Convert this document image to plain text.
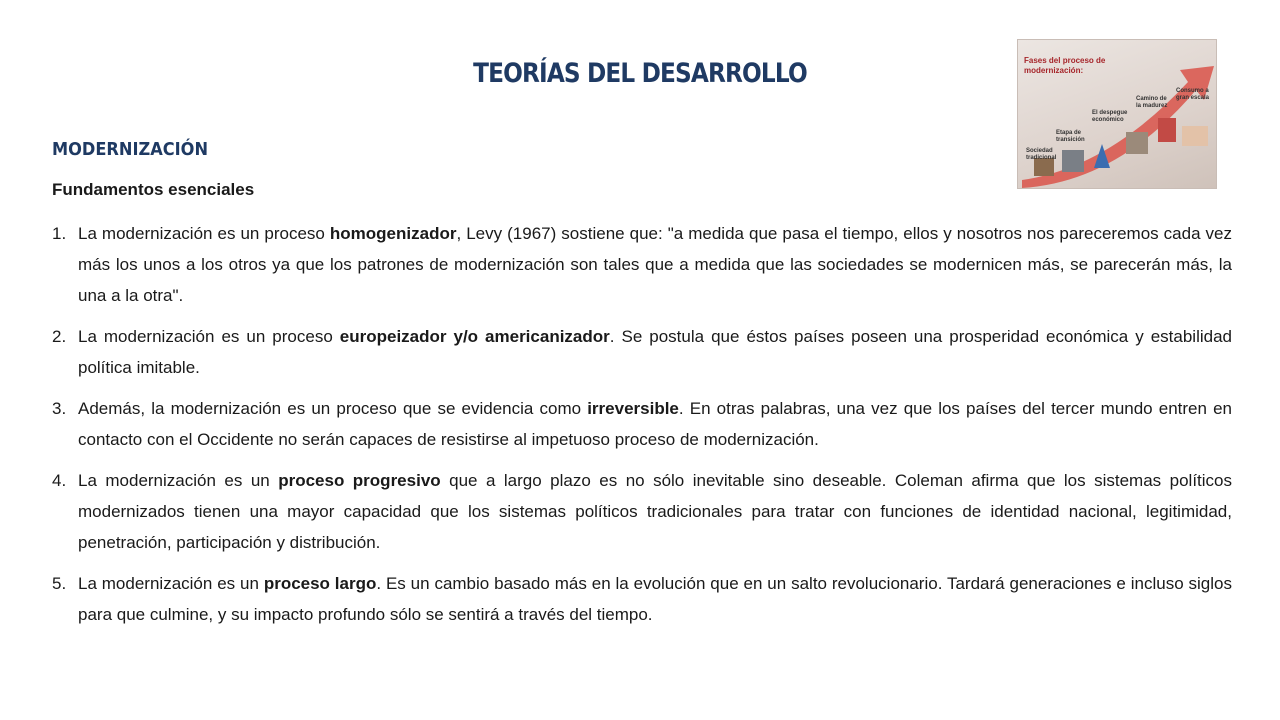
TEORÍAS DEL DESARROLLO
MODERNIZACIÓN
Fundamentos esenciales
Fases del proceso de modernización:
Sociedad tradicional
Etapa de transición
El despegue económico
Camino de la madurez
Consumo a gran escala
1. La modernización es un proceso homogenizador, Levy (1967) sostiene que: "a medida que pasa el tiempo, ellos y nosotros nos pareceremos cada vez más los unos a los otros ya que los patrones de modernización son tales que a medida que las sociedades se modernicen más, se parecerán más, la una a la otra".
2. La modernización es un proceso europeizador y/o americanizador. Se postula que éstos países poseen una prosperidad económica y estabilidad política imitable.
3. Además, la modernización es un proceso que se evidencia como irreversible. En otras palabras, una vez que los países del tercer mundo entren en contacto con el Occidente no serán capaces de resistirse al impetuoso proceso de modernización.
4. La modernización es un proceso progresivo que a largo plazo es no sólo inevitable sino deseable. Coleman afirma que los sistemas políticos modernizados tienen una mayor capacidad que los sistemas políticos tradicionales para tratar con funciones de identidad nacional, legitimidad, penetración, participación y distribución.
5. La modernización es un proceso largo. Es un cambio basado más en la evolución que en un salto revolucionario. Tardará generaciones e incluso siglos para que culmine, y su impacto profundo sólo se sentirá a través del tiempo.
